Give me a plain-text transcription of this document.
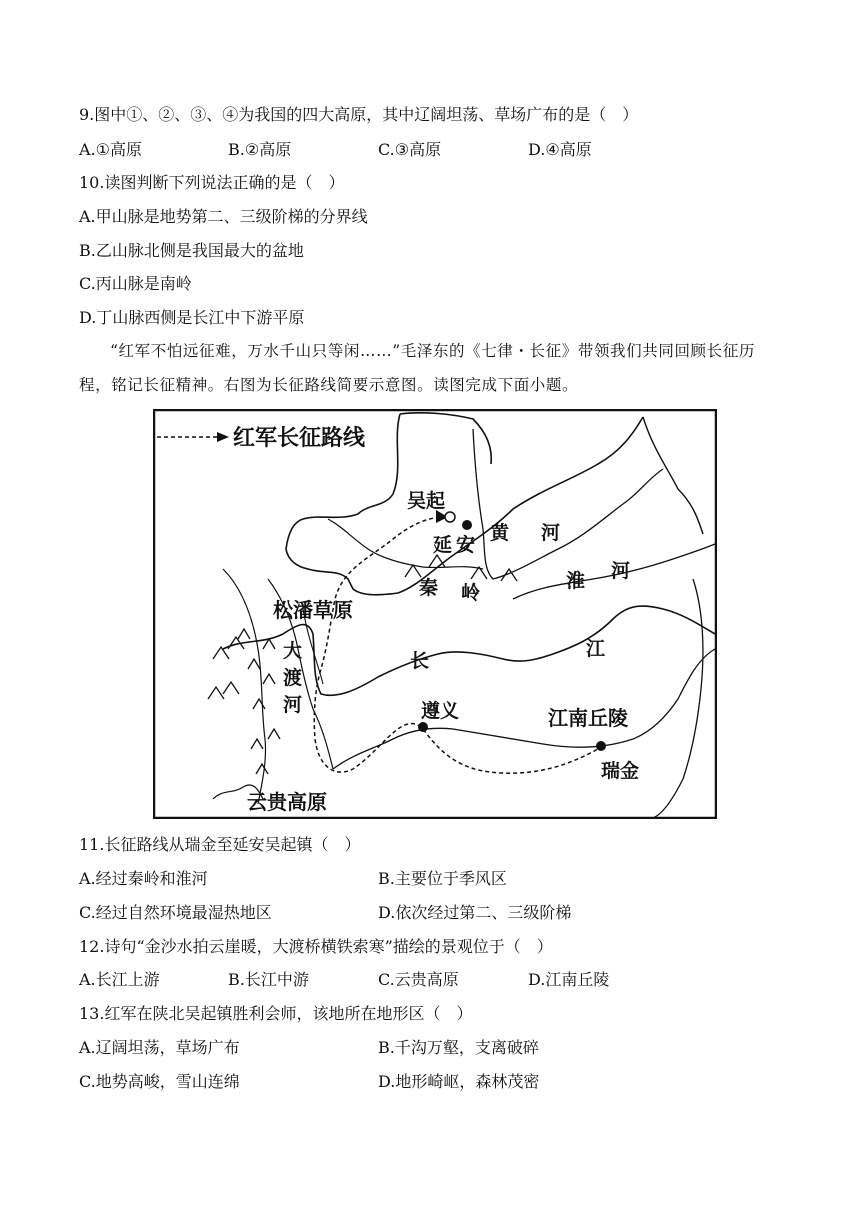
9.图中①、②、③、④为我国的四大高原，其中辽阔坦荡、草场广布的是（　）
A.①高原	B.②高原	C.③高原	D.④高原
10.读图判断下列说法正确的是（　）
A.甲山脉是地势第二、三级阶梯的分界线
B.乙山脉北侧是我国最大的盆地
C.丙山脉是南岭
D.丁山脉西侧是长江中下游平原
“红军不怕远征难，万水千山只等闲……”毛泽东的《七律・长征》带领我们共同回顾长征历程，铭记长征精神。右图为长征路线简要示意图。读图完成下面小题。
红军长征路线
吴起
延 安
黄 河
淮 河
秦 岭
松潘草原
大
渡
河
长
江
遵义	江南丘陵
瑞金
云贵高原
11.长征路线从瑞金至延安吴起镇（　）
A.经过秦岭和淮河	B.主要位于季风区
C.经过自然环境最湿热地区	D.依次经过第二、三级阶梯
12.诗句“金沙水拍云崖暖，大渡桥横铁索寒”描绘的景观位于（　）
A.长江上游	B.长江中游	C.云贵高原	D.江南丘陵
13.红军在陕北吴起镇胜利会师，该地所在地形区（　）
A.辽阔坦荡，草场广布	B.千沟万壑，支离破碎
C.地势高峻，雪山连绵	D.地形崎岖，森林茂密
